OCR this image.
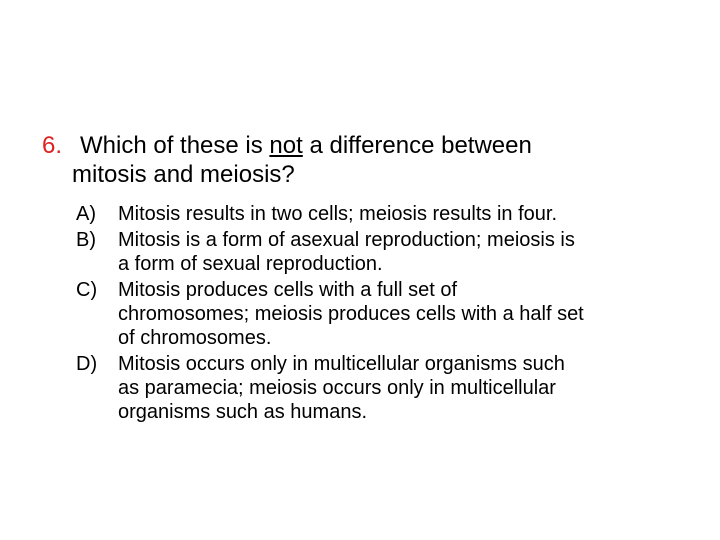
6. Which of these is not a difference between
mitosis and meiosis?
A)	Mitosis results in two cells; meiosis results in four.
B)	Mitosis is a form of asexual reproduction; meiosis is
a form of sexual reproduction.
C)	Mitosis produces cells with a full set of
chromosomes; meiosis produces cells with a half set
of chromosomes.
D)	Mitosis occurs only in multicellular organisms such
as paramecia; meiosis occurs only in multicellular
organisms such as humans.
